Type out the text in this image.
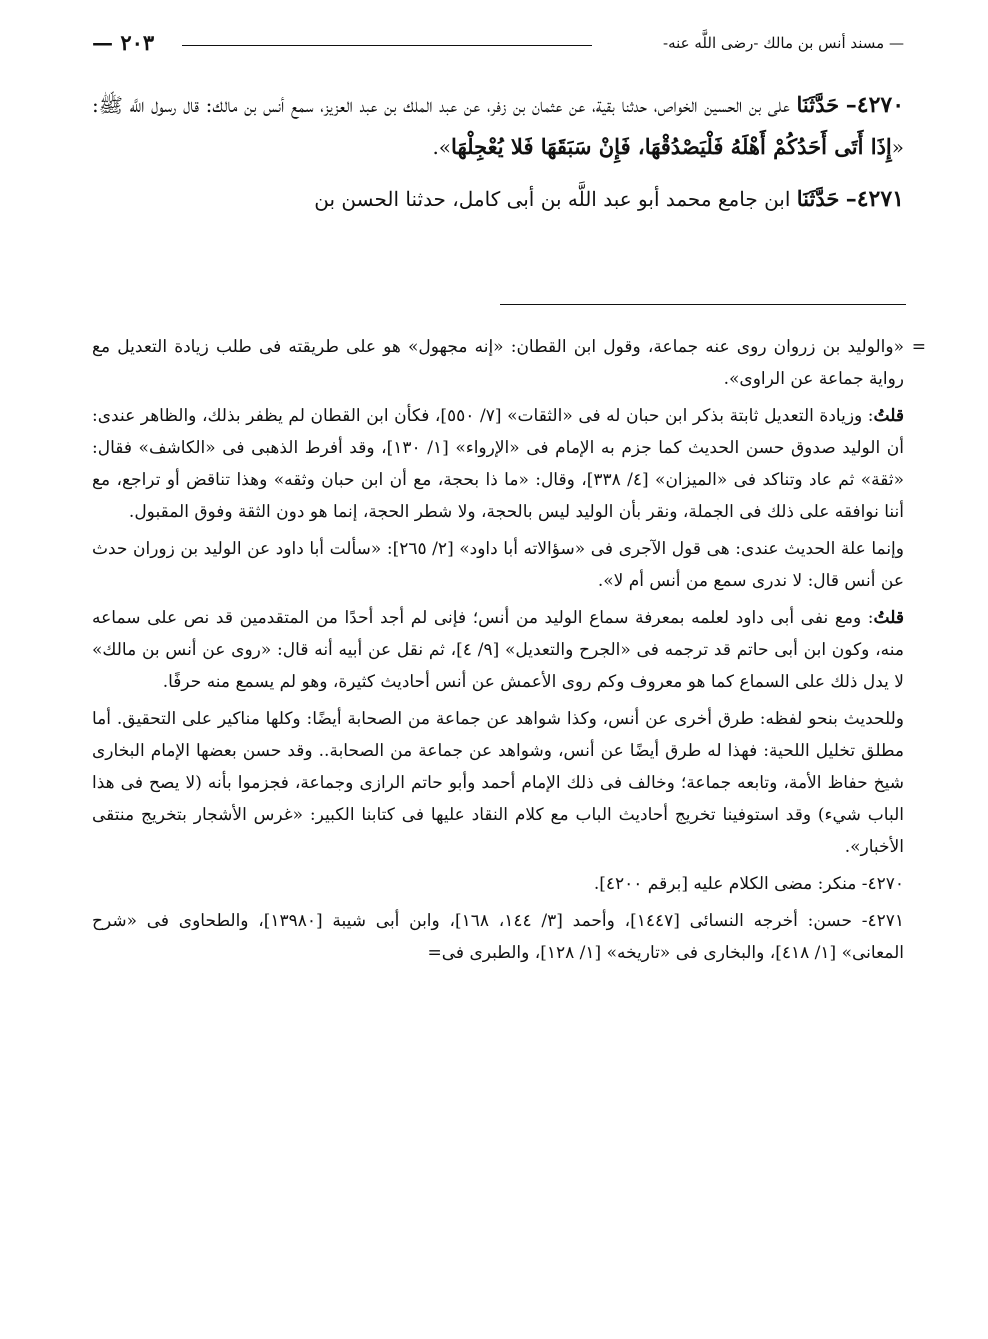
— مسند أنس بن مالك -رضى اللَّه عنه-
٢٠٣ —

٤٢٧٠– حَدَّثَنَا على بن الحسين الخواص، حدثنا بقية، عن عثمان بن زفر، عن عبد الملك بن عبد العزيز، سمع أنس بن مالك: قال رسول اللَّه ﷺ: «إِذَا أَتَى أَحَدُكُمْ أَهْلَهُ فَلْيَصْدُقْهَا، فَإِنْ سَبَقَهَا فَلا يُعْجِلْهَا».

٤٢٧١– حَدَّثَنَا ابن جامع محمد أبو عبد اللَّه بن أبى كامل، حدثنا الحسن بن

=

«والوليد بن زروان روى عنه جماعة، وقول ابن القطان: «إنه مجهول» هو على طريقته فى طلب زيادة التعديل مع رواية جماعة عن الراوى».

قلتُ: وزيادة التعديل ثابتة بذكر ابن حبان له فى «الثقات» [٧/ ٥٥٠]، فكأن ابن القطان لم يظفر بذلك، والظاهر عندى: أن الوليد صدوق حسن الحديث كما جزم به الإمام فى «الإرواء» [١/ ١٣٠]، وقد أفرط الذهبى فى «الكاشف» فقال: «ثقة» ثم عاد وتناكد فى «الميزان» [٤/ ٣٣٨]، وقال: «ما ذا بحجة، مع أن ابن حبان وثقه» وهذا تناقض أو تراجع، مع أننا نوافقه على ذلك فى الجملة، ونقر بأن الوليد ليس بالحجة، ولا شطر الحجة، إنما هو دون الثقة وفوق المقبول.

وإنما علة الحديث عندى: هى قول الآجرى فى «سؤالاته أبا داود» [٢/ ٢٦٥]: «سألت أبا داود عن الوليد بن زوران حدث عن أنس قال: لا ندرى سمع من أنس أم لا».

قلتُ: ومع نفى أبى داود لعلمه بمعرفة سماع الوليد من أنس؛ فإنى لم أجد أحدًا من المتقدمين قد نص على سماعه منه، وكون ابن أبى حاتم قد ترجمه فى «الجرح والتعديل» [٩/ ٤]، ثم نقل عن أبيه أنه قال: «روى عن أنس بن مالك» لا يدل ذلك على السماع كما هو معروف وكم روى الأعمش عن أنس أحاديث كثيرة، وهو لم يسمع منه حرفًا.

وللحديث بنحو لفظه: طرق أخرى عن أنس، وكذا شواهد عن جماعة من الصحابة أيضًا: وكلها مناكير على التحقيق. أما مطلق تخليل اللحية: فهذا له طرق أيضًا عن أنس، وشواهد عن جماعة من الصحابة.. وقد حسن بعضها الإمام البخارى شيخ حفاظ الأمة، وتابعه جماعة؛ وخالف فى ذلك الإمام أحمد وأبو حاتم الرازى وجماعة، فجزموا بأنه (لا يصح فى هذا الباب شيء) وقد استوفينا تخريج أحاديث الباب مع كلام النقاد عليها فى كتابنا الكبير: «غرس الأشجار بتخريج منتقى الأخبار».

٤٢٧٠- منكر: مضى الكلام عليه [برقم ٤٢٠٠].

٤٢٧١- حسن: أخرجه النسائى [١٤٤٧]، وأحمد [٣/ ١٤٤، ١٦٨]، وابن أبى شيبة [١٣٩٨٠]، والطحاوى فى «شرح المعانى» [١/ ٤١٨]، والبخارى فى «تاريخه» [١/ ١٢٨]، والطبرى فى=
